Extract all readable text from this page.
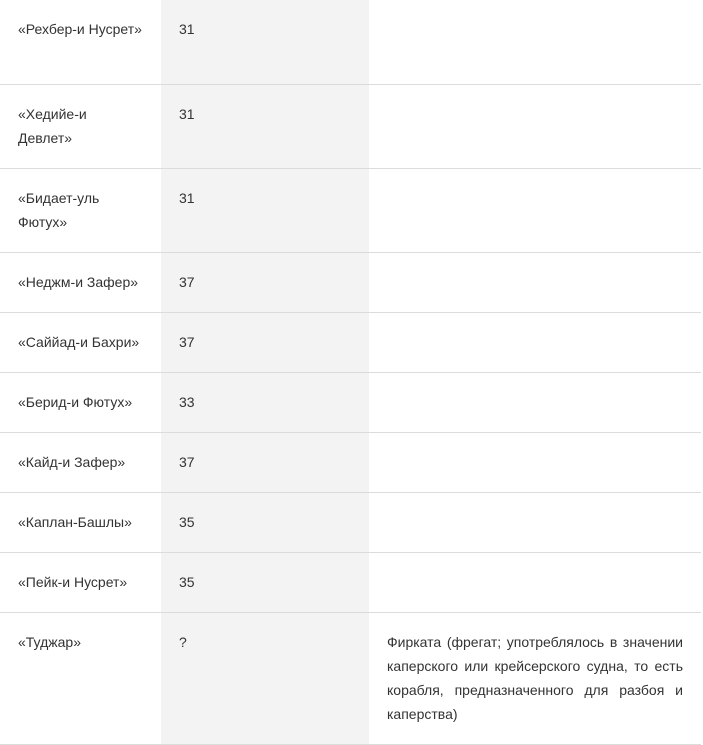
«Рехбер-и Нусрет»	31	

«Хедийе-и Девлет»	31	

«Бидает-уль Фютух»	31	

«Неджм-и Зафер»	37	

«Саййад-и Бахри»	37	

«Берид-и Фютух»	33	

«Кайд-и Зафер»	37	

«Каплан-Башлы»	35	

«Пейк-и Нусрет»	35	

«Туджар»	?	Фирката (фрегат; употреблялось в значении каперского или крейсерского судна, то есть корабля, предназначенного для разбоя и каперства)
